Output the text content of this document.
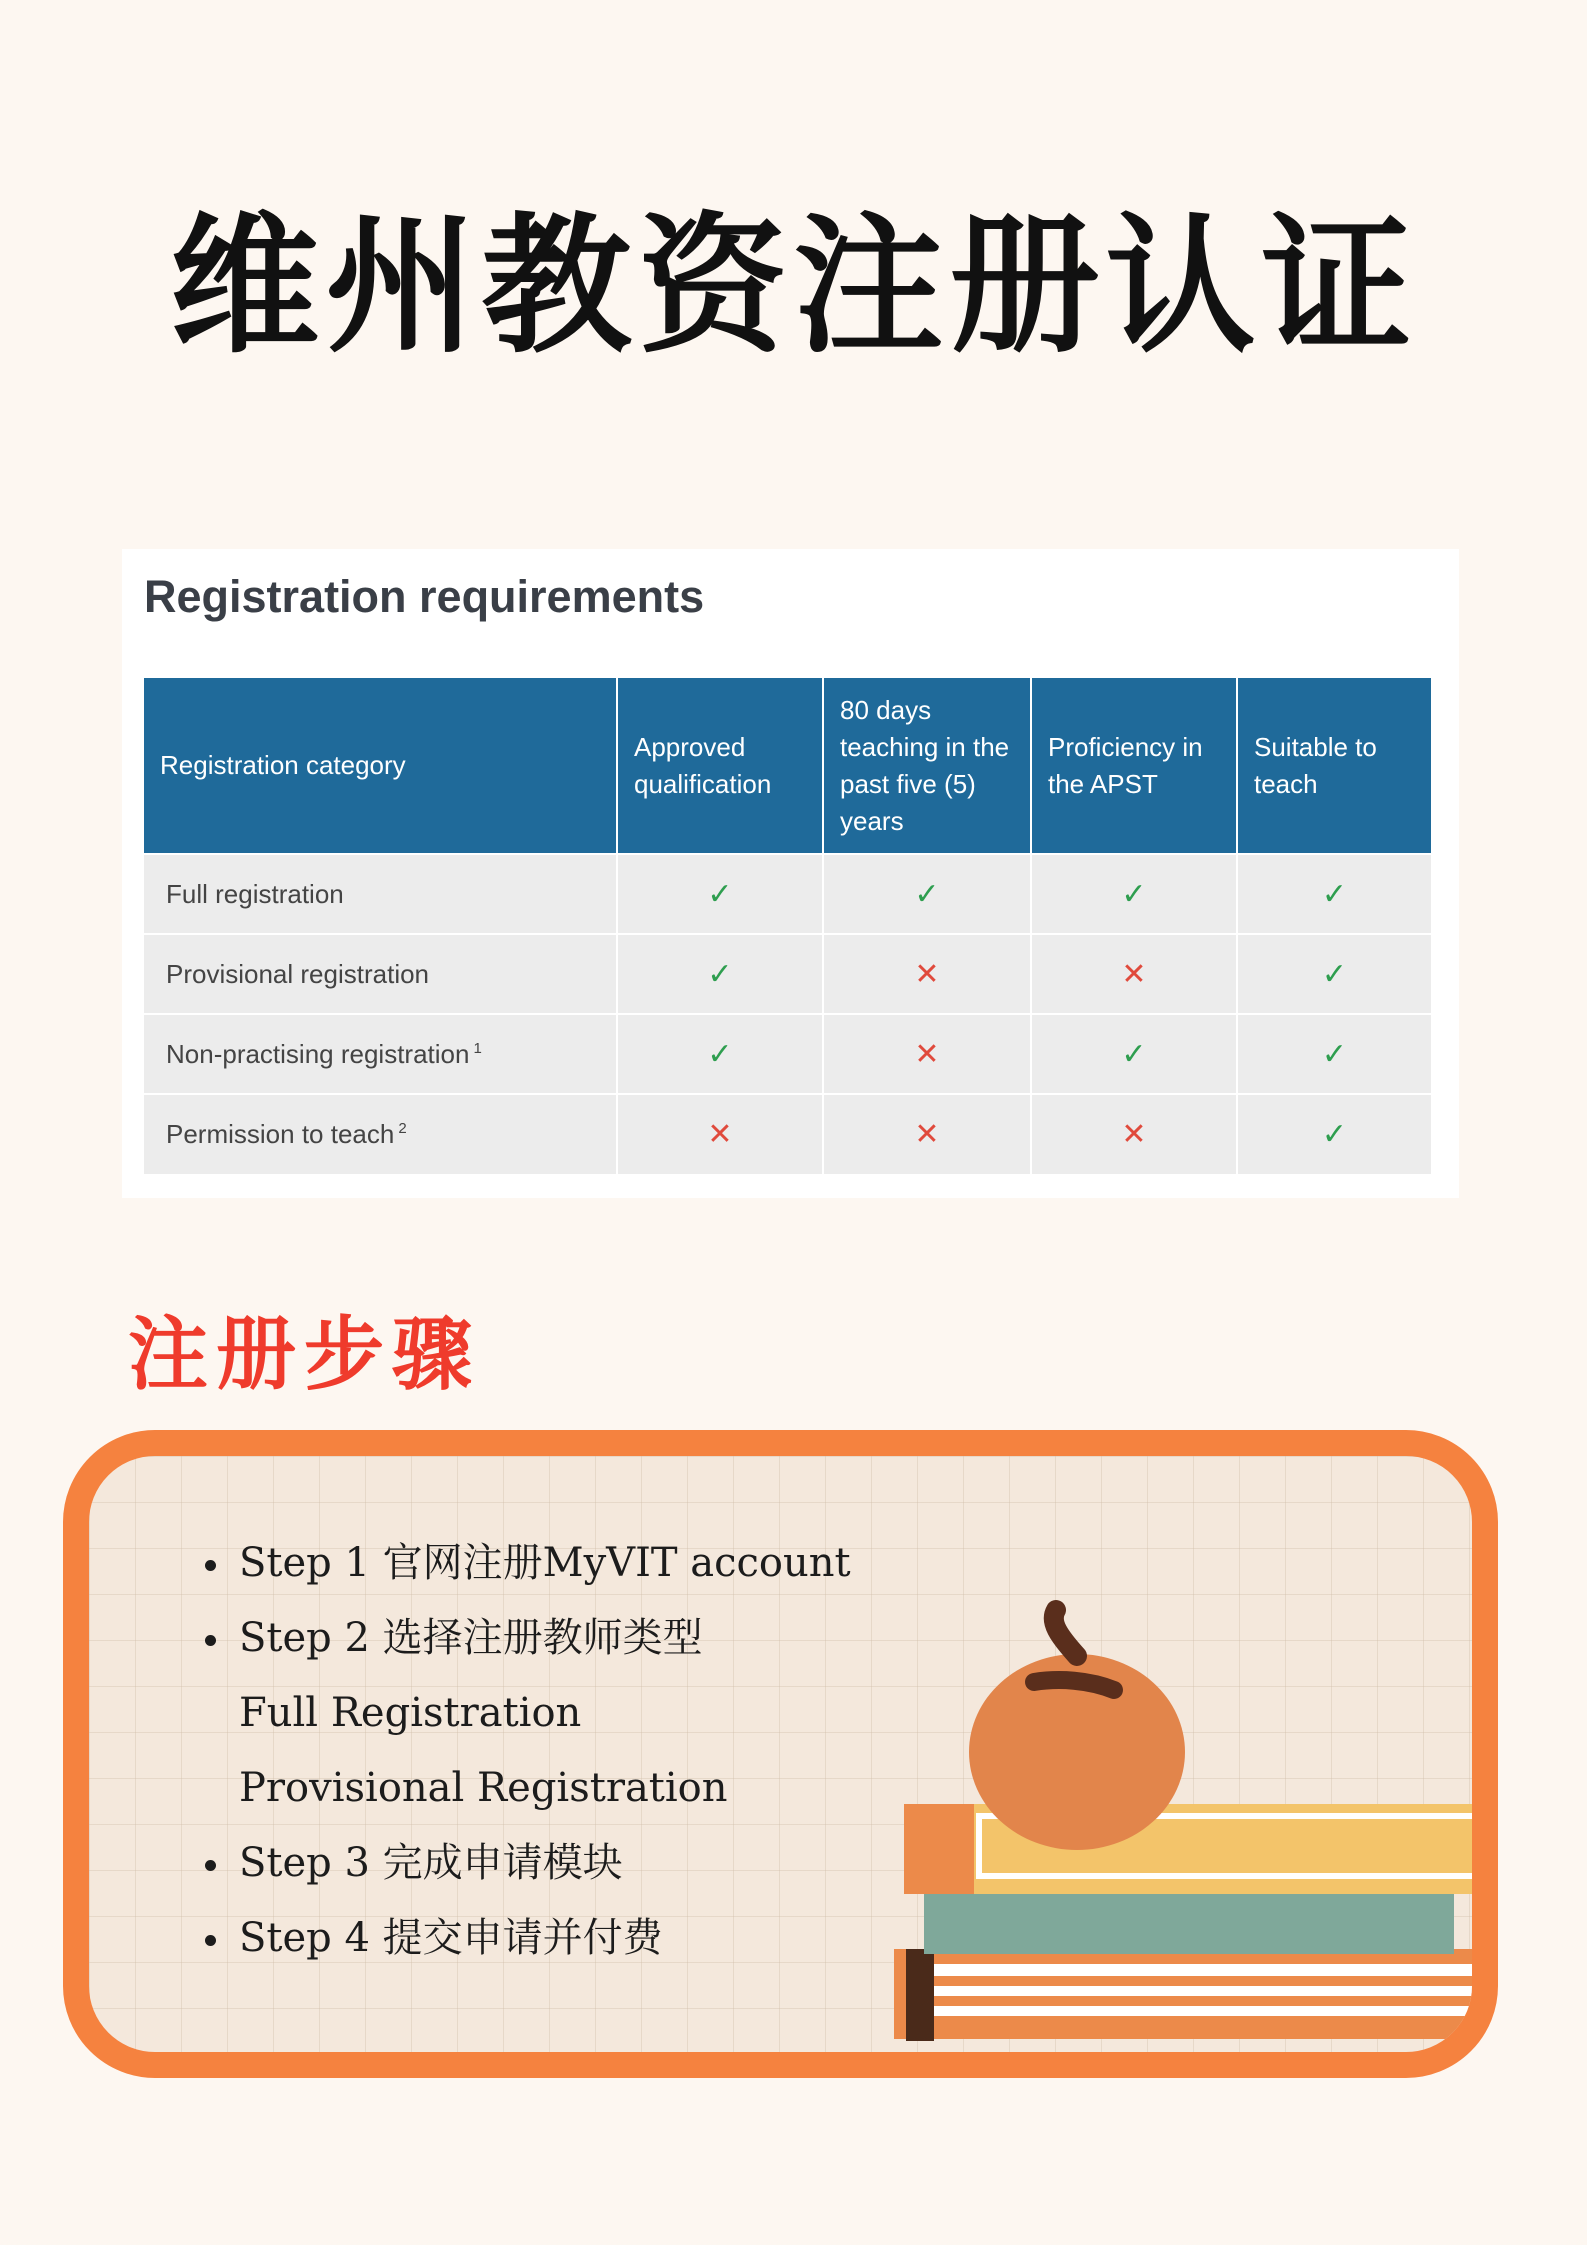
维州教资注册认证
Registration requirements
Registration category	Approved qualification	80 days teaching in the past five (5) years	Proficiency in the APST	Suitable to teach
Full registration	✓	✓	✓	✓
Provisional registration	✓	✕	✕	✓
Non-practising registration $^1$	✓	✕	✓	✓
Permission to teach $^2$	✕	✕	✕	✓
注册步骤
Step 1 官网注册MyVIT account
Step 2 选择注册教师类型
Full Registration
Provisional Registration
Step 3 完成申请模块
Step 4 提交申请并付费
